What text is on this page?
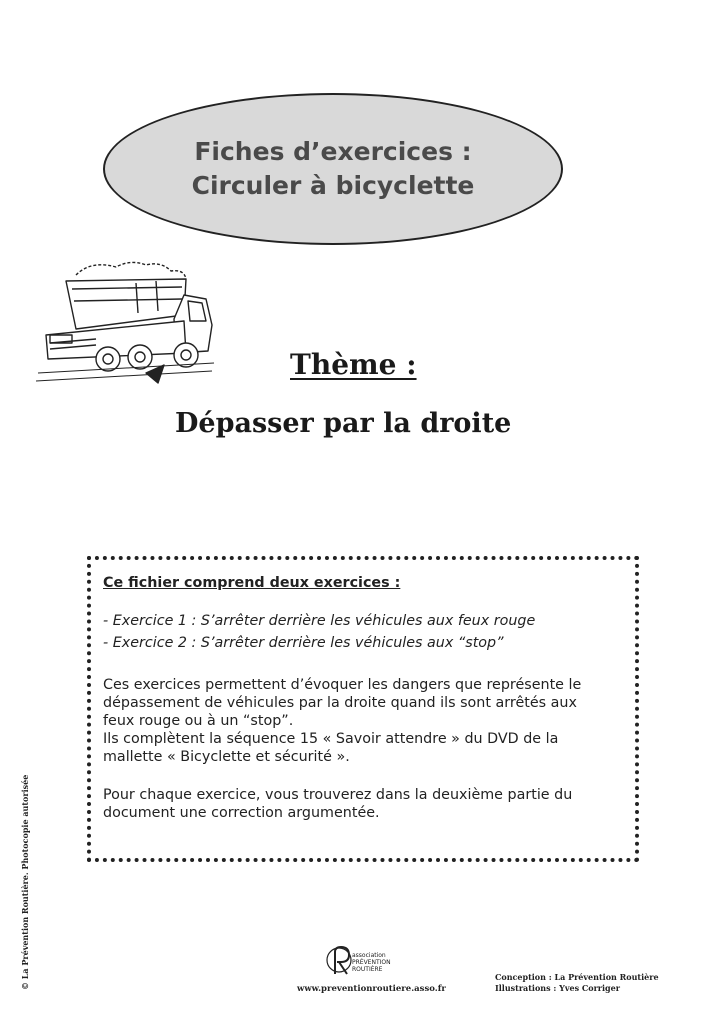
Fiches d’exercices :
Circuler à bicyclette
Thème :
Dépasser par la droite

Ce fichier comprend deux exercices :

- Exercice 1 : S’arrêter derrière les véhicules aux feux rouge

- Exercice 2 : S’arrêter derrière les véhicules aux “stop”

Ces exercices permettent d’évoquer les dangers que représente le

dépassement de véhicules par la droite quand ils sont arrêtés aux

feux rouge ou à un “stop”.

Ils complètent la séquence 15 « Savoir attendre » du DVD de la

mallette « Bicyclette et sécurité ».

Pour chaque exercice, vous trouverez dans la deuxième partie du

document une correction argumentée.

© La Prévention Routière. Photocopie autorisée	association
PRÉVENTION
ROUTIÈRE
www.preventionroutiere.asso.fr
Conception : La Prévention Routière
Illustrations : Yves Corriger
